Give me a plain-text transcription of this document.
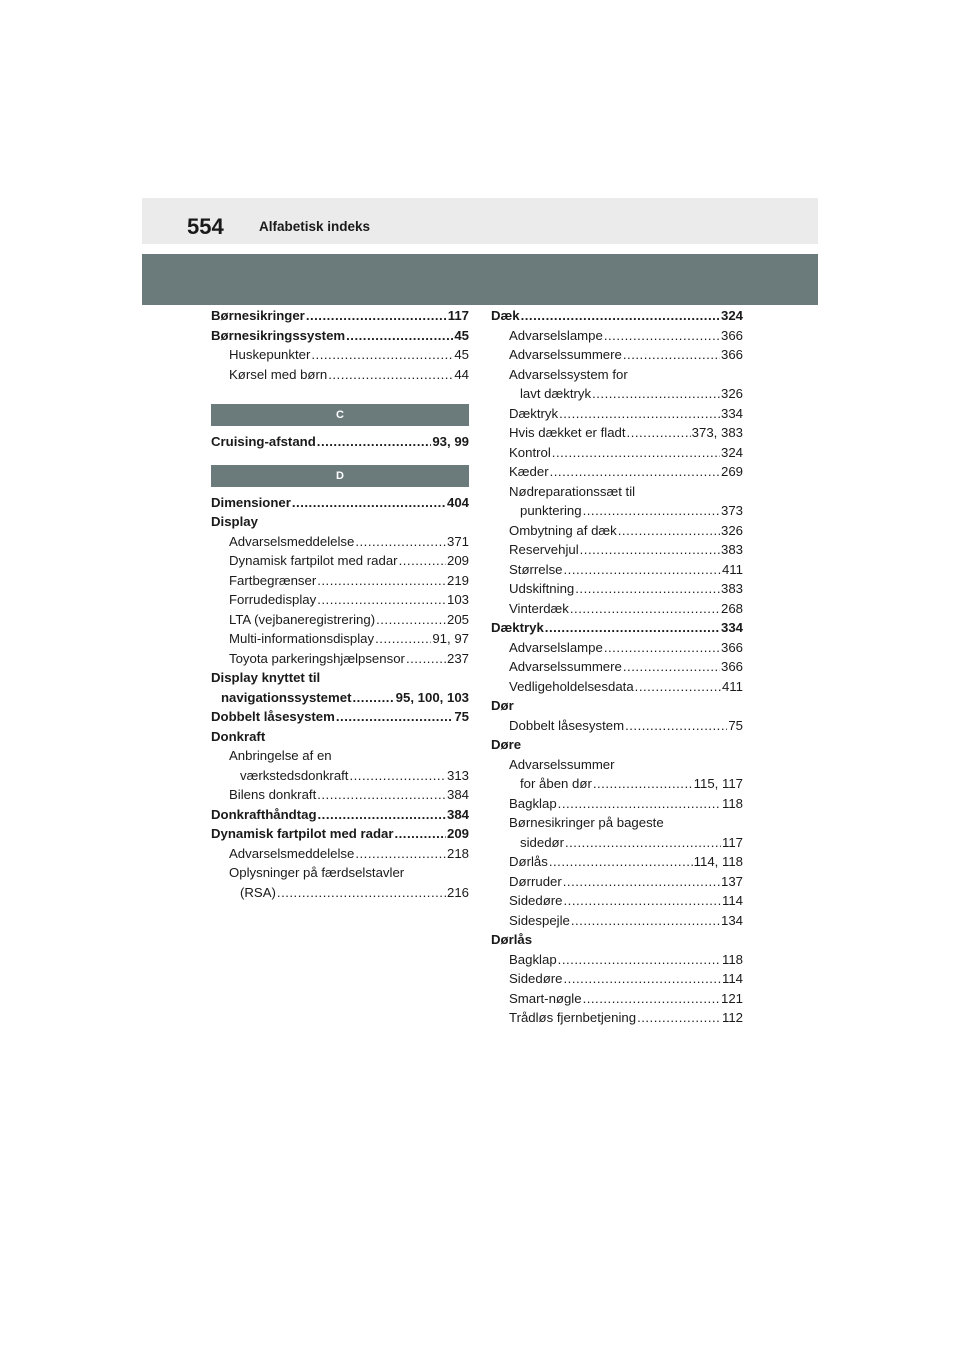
554	Alfabetisk indeks
Børnesikringer .....	117
Børnesikringssystem .....	45
Huskepunkter .....	45
Kørsel med børn .....	44
C
Cruising-afstand .....	93, 99
D
Dimensioner .....	404
Display
Advarselsmeddelelse .....	371
Dynamisk fartpilot med radar .....	209
Fartbegrænser .....	219
Forrudedisplay .....	103
LTA (vejbaneregistrering) .....	205
Multi-informationsdisplay .....	91, 97
Toyota parkeringshjælpsensor .....	237
Display knyttet til
navigationssystemet .....	95, 100, 103
Dobbelt låsesystem .....	75
Donkraft
Anbringelse af en
værkstedsdonkraft .....	313
Bilens donkraft .....	384
Donkrafthåndtag .....	384
Dynamisk fartpilot med radar .....	209
Advarselsmeddelelse .....	218
Oplysninger på færdselstavler
(RSA) .....	216
Dæk .....	324
Advarselslampe .....	366
Advarselssummere .....	366
Advarselssystem for
lavt dæktryk .....	326
Dæktryk .....	334
Hvis dækket er fladt .....	373, 383
Kontrol .....	324
Kæder .....	269
Nødreparationssæt til
punktering .....	373
Ombytning af dæk .....	326
Reservehjul .....	383
Størrelse .....	411
Udskiftning .....	383
Vinterdæk .....	268
Dæktryk .....	334
Advarselslampe .....	366
Advarselssummere .....	366
Vedligeholdelsesdata .....	411
Dør
Dobbelt låsesystem .....	75
Døre
Advarselssummer
for åben dør .....	115, 117
Bagklap .....	118
Børnesikringer på bageste
sidedør .....	117
Dørlås .....	114, 118
Dørruder .....	137
Sidedøre .....	114
Sidespejle .....	134
Dørlås
Bagklap .....	118
Sidedøre .....	114
Smart-nøgle .....	121
Trådløs fjernbetjening .....	112
